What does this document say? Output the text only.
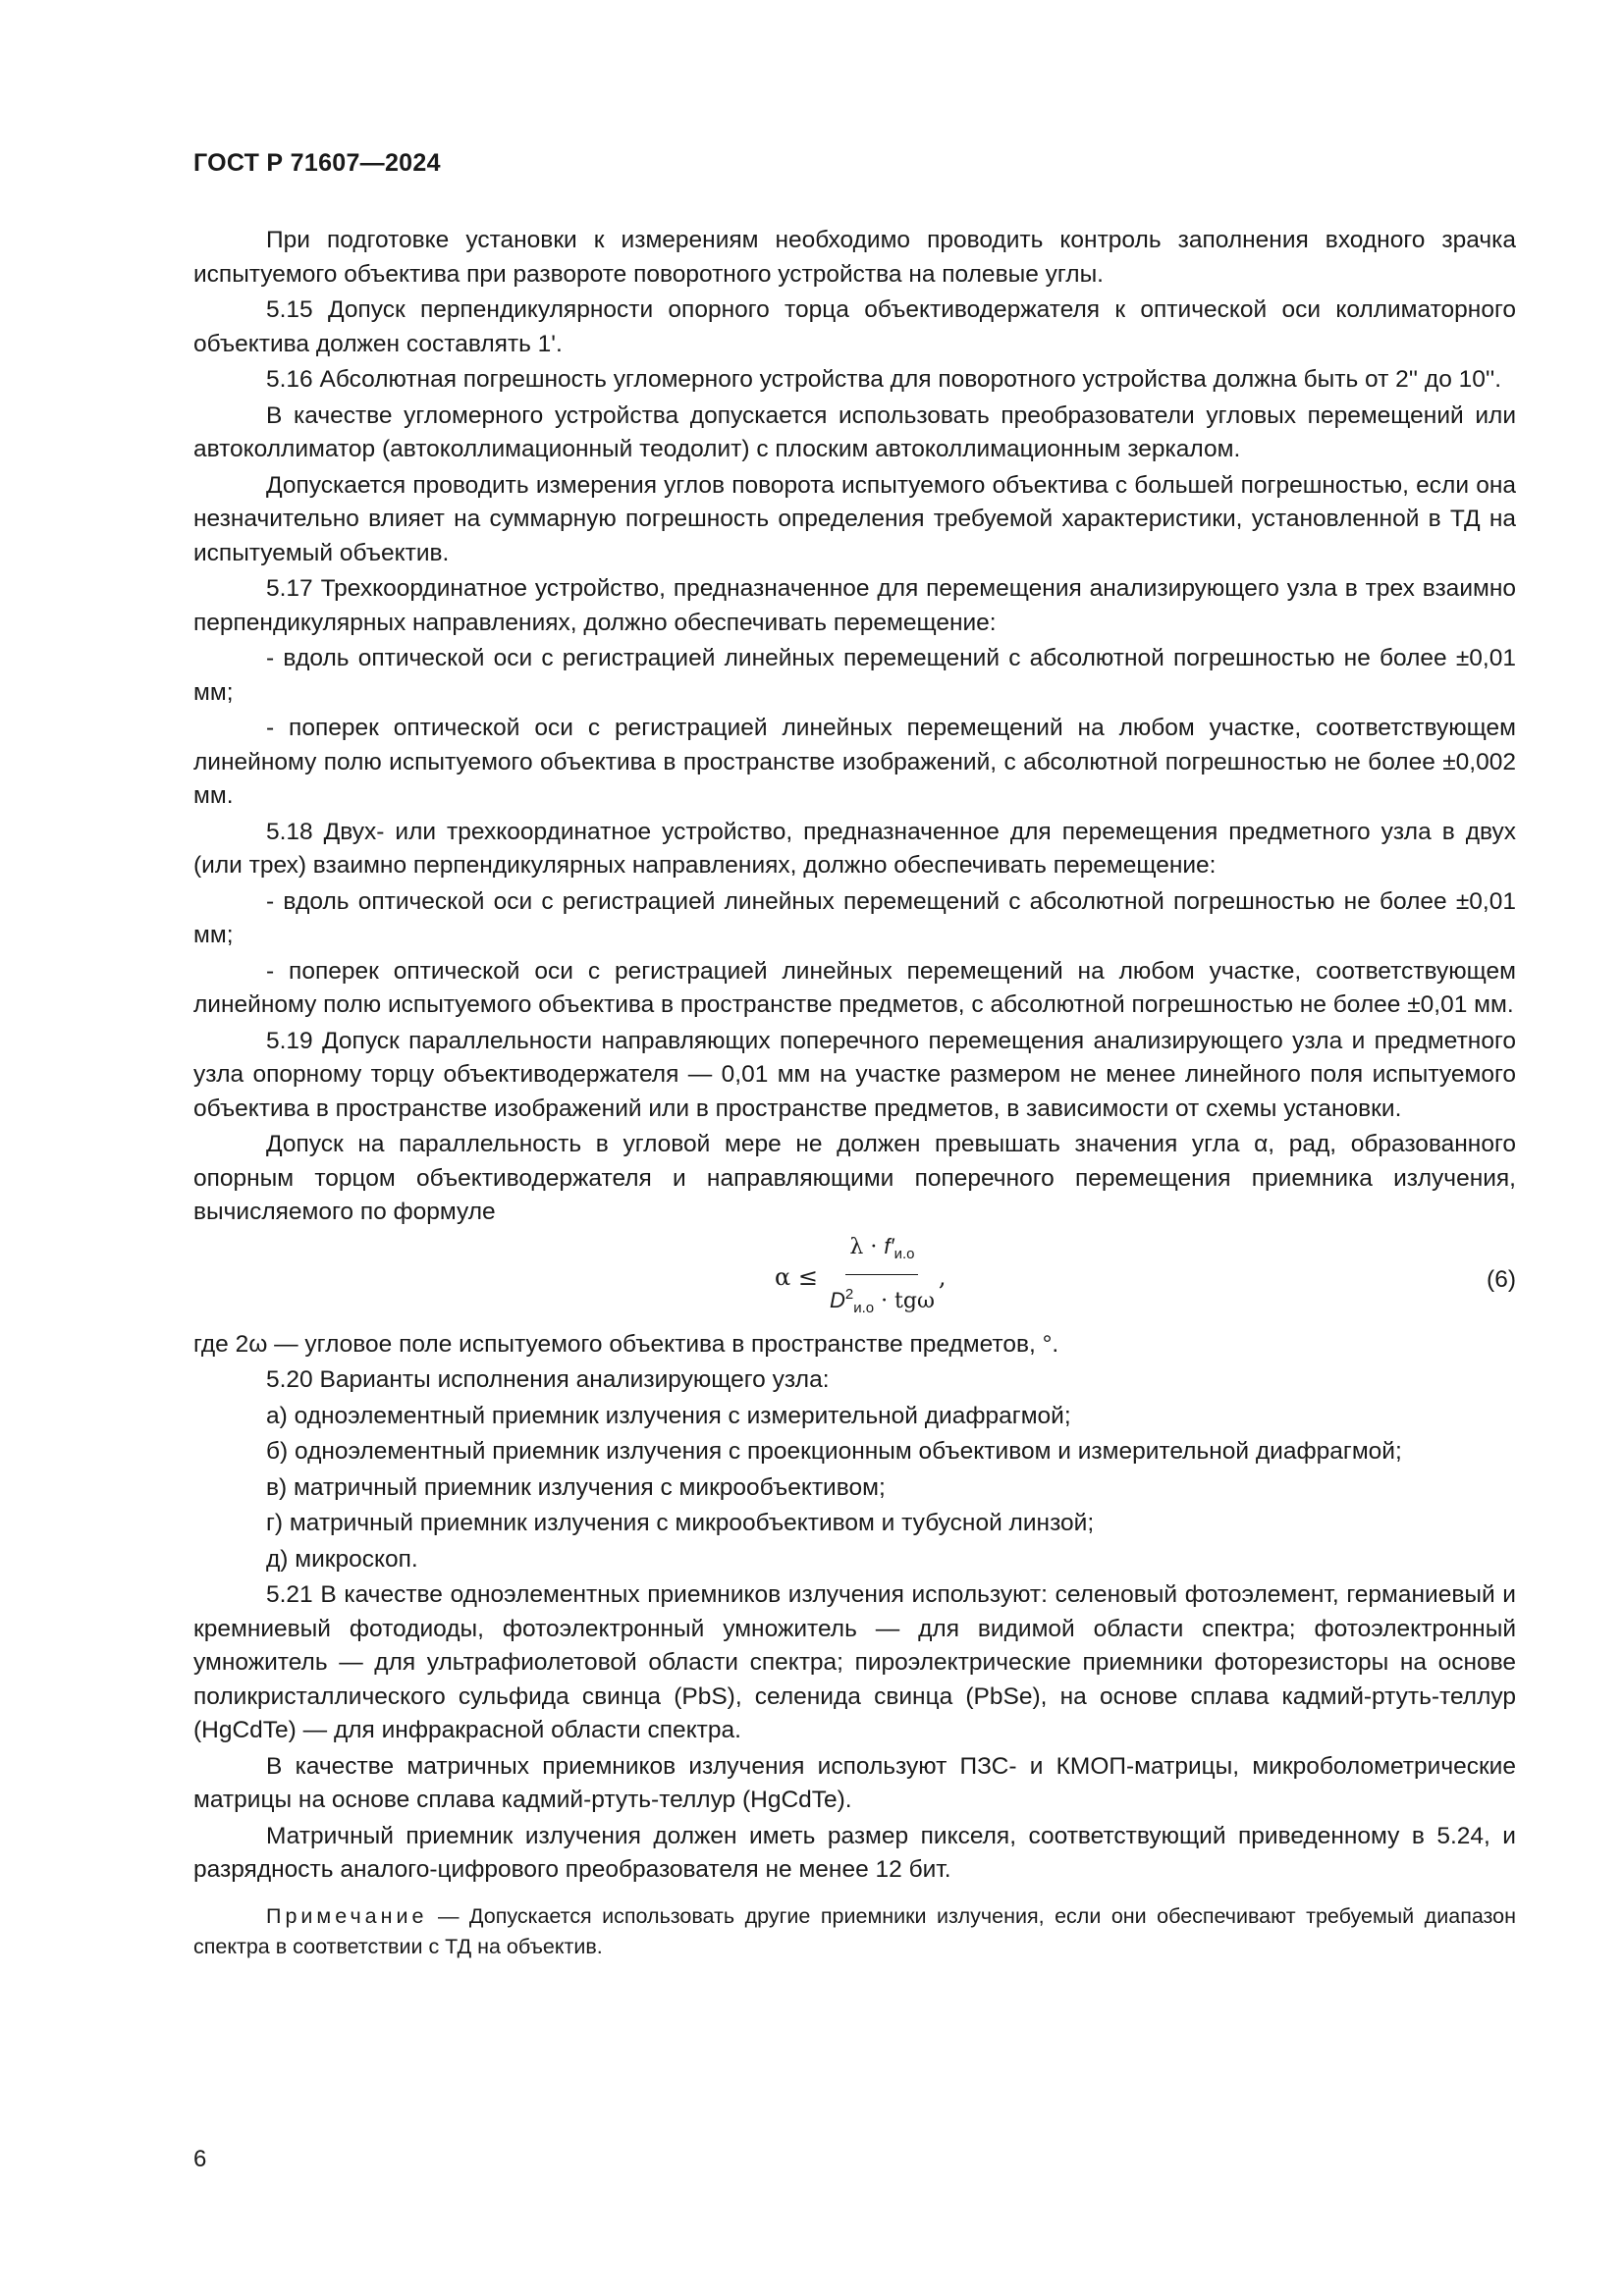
ГОСТ Р 71607—2024

При подготовке установки к измерениям необходимо проводить контроль заполнения входного зрачка испытуемого объектива при развороте поворотного устройства на полевые углы.

5.15 Допуск перпендикулярности опорного торца объективодержателя к оптической оси коллиматорного объектива должен составлять 1'.

5.16 Абсолютная погрешность угломерного устройства для поворотного устройства должна быть от 2'' до 10''.

В качестве угломерного устройства допускается использовать преобразователи угловых перемещений или автоколлиматор (автоколлимационный теодолит) с плоским автоколлимационным зеркалом.

Допускается проводить измерения углов поворота испытуемого объектива с большей погрешностью, если она незначительно влияет на суммарную погрешность определения требуемой характеристики, установленной в ТД на испытуемый объектив.

5.17 Трехкоординатное устройство, предназначенное для перемещения анализирующего узла в трех взаимно перпендикулярных направлениях, должно обеспечивать перемещение:

- вдоль оптической оси с регистрацией линейных перемещений с абсолютной погрешностью не более ±0,01 мм;

- поперек оптической оси с регистрацией линейных перемещений на любом участке, соответствующем линейному полю испытуемого объектива в пространстве изображений, с абсолютной погрешностью не более ±0,002 мм.

5.18 Двух- или трехкоординатное устройство, предназначенное для перемещения предметного узла в двух (или трех) взаимно перпендикулярных направлениях, должно обеспечивать перемещение:

- вдоль оптической оси с регистрацией линейных перемещений с абсолютной погрешностью не более ±0,01 мм;

- поперек оптической оси с регистрацией линейных перемещений на любом участке, соответствующем линейному полю испытуемого объектива в пространстве предметов, с абсолютной погрешностью не более ±0,01 мм.

5.19 Допуск параллельности направляющих поперечного перемещения анализирующего узла и предметного узла опорному торцу объективодержателя — 0,01 мм на участке размером не менее линейного поля испытуемого объектива в пространстве изображений или в пространстве предметов, в зависимости от схемы установки.

Допуск на параллельность в угловой мере не должен превышать значения угла α, рад, образованного опорным торцом объективодержателя и направляющими поперечного перемещения приемника излучения, вычисляемого по формуле

$\alpha \le \frac{\lambda \cdot f'_{и.о}}{D^2_{и.о} \cdot tg\omega}$ ,	(6)

где 2ω — угловое поле испытуемого объектива в пространстве предметов, °.

5.20 Варианты исполнения анализирующего узла:

а) одноэлементный приемник излучения с измерительной диафрагмой;

б) одноэлементный приемник излучения с проекционным объективом и измерительной диафрагмой;

в) матричный приемник излучения с микрообъективом;

г) матричный приемник излучения с микрообъективом и тубусной линзой;

д) микроскоп.

5.21 В качестве одноэлементных приемников излучения используют: селеновый фотоэлемент, германиевый и кремниевый фотодиоды, фотоэлектронный умножитель — для видимой области спектра; фотоэлектронный умножитель — для ультрафиолетовой области спектра; пироэлектрические приемники фоторезисторы на основе поликристаллического сульфида свинца (PbS), селенида свинца (PbSe), на основе сплава кадмий-ртуть-теллур (HgCdTe) — для инфракрасной области спектра.

В качестве матричных приемников излучения используют ПЗС- и КМОП-матрицы, микроболометрические матрицы на основе сплава кадмий-ртуть-теллур (HgCdTe).

Матричный приемник излучения должен иметь размер пикселя, соответствующий приведенному в 5.24, и разрядность аналого-цифрового преобразователя не менее 12 бит.

Примечание — Допускается использовать другие приемники излучения, если они обеспечивают требуемый диапазон спектра в соответствии с ТД на объектив.
6
